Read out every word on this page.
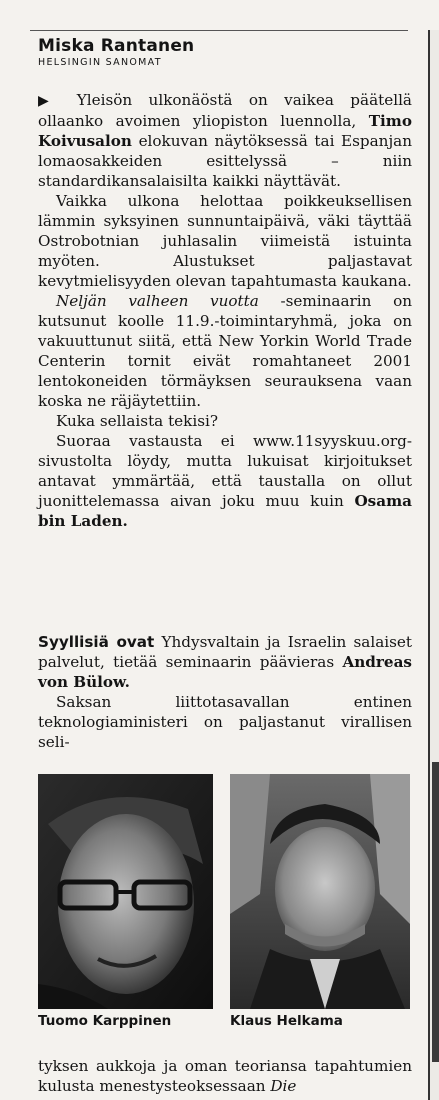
Miska Rantanen
HELSINGIN SANOMAT

▶ Yleisön ulkonäöstä on vaikea päätellä ollaanko avoimen yliopiston luennolla, Timo Koivusalon elokuvan näytöksessä tai Espanjan lomaosakkeiden esittelyssä – niin standardikansalaisilta kaikki näyttävät.

Vaikka ulkona helottaa poikkeuksellisen lämmin syksyinen sunnuntaipäivä, väki täyttää Ostrobotnian juhlasalin viimeistä istuinta myöten. Alustukset paljastavat kevytmielisyyden olevan tapahtumasta kaukana.

Neljän valheen vuotta -seminaarin on kutsunut koolle 11.9.-toimintaryhmä, joka on vakuuttunut siitä, että New Yorkin World Trade Centerin tornit eivät romahtaneet 2001 lentokoneiden törmäyksen seurauksena vaan koska ne räjäytettiin.

Kuka sellaista tekisi?

Suoraa vastausta ei www.11syyskuu.org-sivustolta löydy, mutta lukuisat kirjoitukset antavat ymmärtää, että taustalla on ollut juonittelemassa aivan joku muu kuin Osama bin Laden.

Syyllisiä ovat Yhdysvaltain ja Israelin salaiset palvelut, tietää seminaarin päävieras Andreas von Bülow.

Saksan liittotasavallan entinen teknologiaministeri on paljastanut virallisen seli-

Tuomo Karppinen	Klaus Helkama

tyksen aukkoja ja oman teoriansa tapahtumien kulusta menestysteoksessaan Die
